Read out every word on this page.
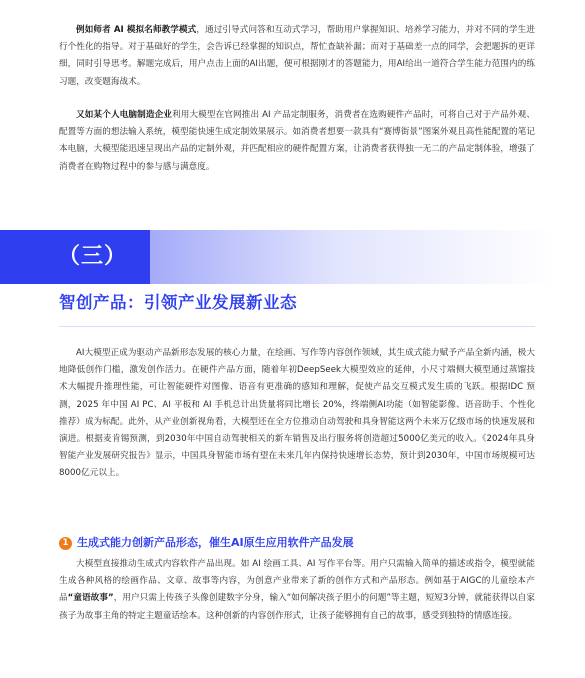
例如师者 AI 模拟名师教学模式，通过引导式问答和互动式学习，帮助用户掌握知识、培养学习能力，并对不同的学生进行个性化的指导。对于基础好的学生，会告诉已经掌握的知识点，帮忙查缺补漏；而对于基础差一点的同学，会把题拆的更详细，同时引导思考。解题完成后，用户点击上面的AI出题，便可根据刚才的答题能力，用AI给出一道符合学生能力范围内的练习题，改变题海战术。

又如某个人电脑制造企业利用大模型在官网推出 AI 产品定制服务，消费者在选购硬件产品时，可将自己对于产品外观、配置等方面的想法输入系统，模型能快速生成定制效果展示。如消费者想要一款具有“赛博街景”图案外观且高性能配置的笔记本电脑，大模型能迅速呈现出产品的定制外观，并匹配相应的硬件配置方案，让消费者获得独一无二的产品定制体验，增强了消费者在购物过程中的参与感与满意度。

（三）
智创产品：引领产业发展新业态

AI大模型正成为驱动产品新形态发展的核心力量，在绘画、写作等内容创作领域，其生成式能力赋予产品全新内涵，极大地降低创作门槛，激发创作活力。在硬件产品方面，随着年初DeepSeek大模型效应的延伸，小尺寸端侧大模型通过蒸馏技术大幅提升推理性能，可让智能硬件对图像、语音有更准确的感知和理解，促使产品交互模式发生质的飞跃。根据IDC 预测，2025 年中国 AI PC、AI 平板和 AI 手机总计出货量将同比增长 20%，终端侧AI功能（如智能影像、语音助手、个性化推荐）成为标配。此外，从产业创新视角看，大模型还在全方位推动自动驾驶和具身智能这两个未来万亿级市场的快速发展和演进。根据麦肯锡预测，到2030年中国自动驾驶相关的新车销售及出行服务将创造超过5000亿美元的收入。《2024年具身智能产业发展研究报告》显示，中国具身智能市场有望在未来几年内保持快速增长态势，预计到2030年，中国市场规模可达8000亿元以上。

1 生成式能力创新产品形态，催生AI原生应用软件产品发展

大模型直接推动生成式内容软件产品出现。如 AI 绘画工具、AI 写作平台等。用户只需输入简单的描述或指令，模型就能生成各种风格的绘画作品、文章、故事等内容，为创意产业带来了新的创作方式和产品形态。例如基于AIGC的儿童绘本产品“童语故事”，用户只需上传孩子头像创建数字分身，输入“如何解决孩子胆小的问题”等主题，短短3分钟，就能获得以自家孩子为故事主角的特定主题童话绘本。这种创新的内容创作形式，让孩子能够拥有自己的故事，感受到独特的情感连接。
